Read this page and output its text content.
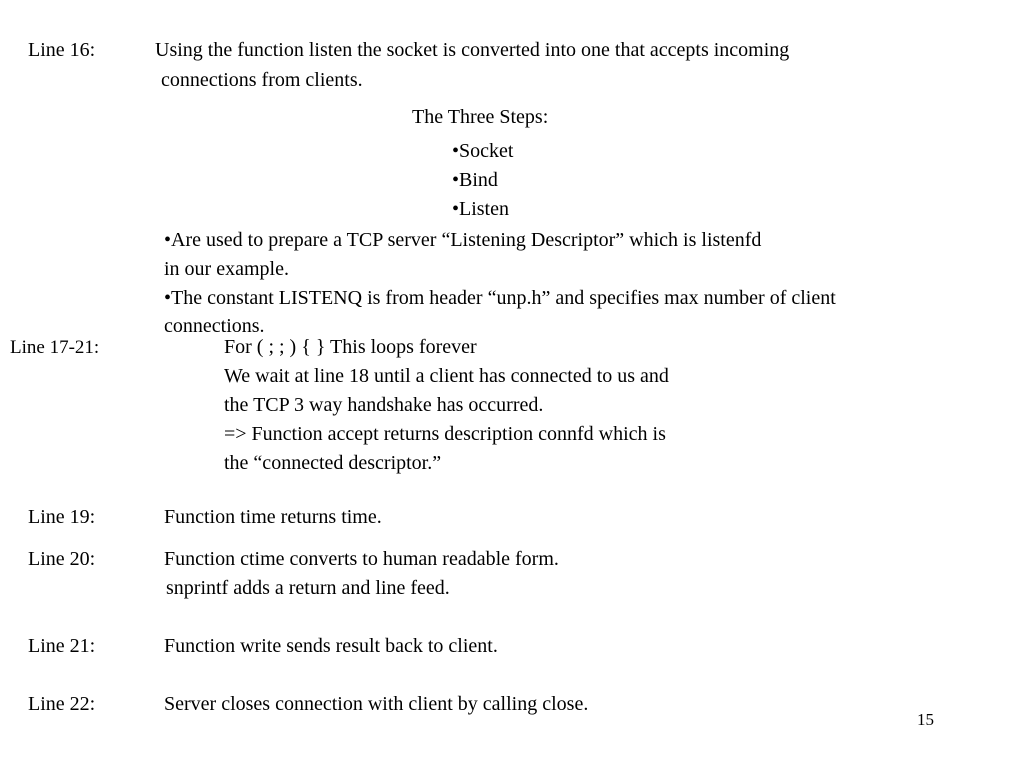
Line 16:	Using the function listen the socket is converted into one that accepts incoming
connections from clients.
The Three Steps:
•Socket
•Bind
•Listen
•Are used to prepare a TCP server “Listening Descriptor” which is listenfd
in our example.
•The constant LISTENQ is from header “unp.h” and specifies max number of client
connections.
Line 17-21:	For ( ; ; ) { } This loops forever
We wait at line 18 until a client has connected to us and
the TCP 3 way handshake has occurred.
=> Function accept returns description connfd which is
the “connected descriptor.”
Line 19:	Function time returns time.
Line 20:	Function ctime converts to human readable form.
snprintf adds a return and line feed.
Line 21:	Function write sends result back to client.
Line 22:	Server closes connection with client by calling close.
15
